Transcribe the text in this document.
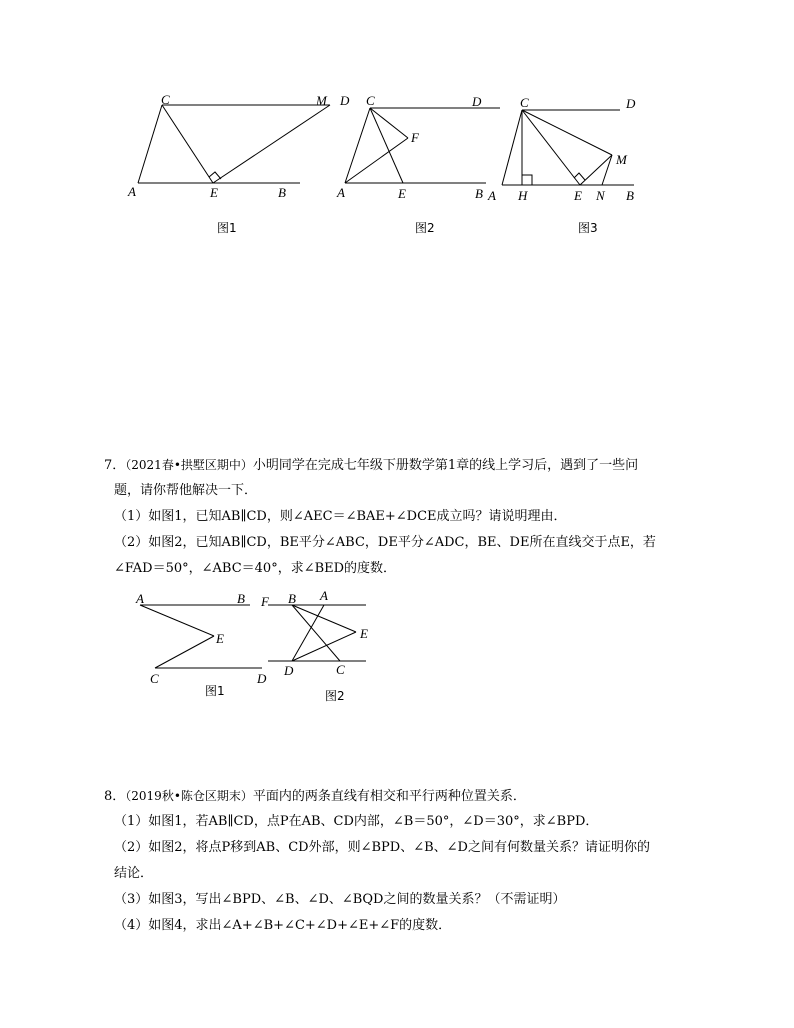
C	M
A	E	B
图1
D C	D
F
A	E	B
图2
C	D
M
A H	E N B
图3
7．（2021春•拱墅区期中）小明同学在完成七年级下册数学第1章的线上学习后，遇到了一些问
题，请你帮他解决一下．
（1）如图1，已知AB∥CD，则∠AEC＝∠BAE+∠DCE成立吗？请说明理由．
（2）如图2，已知AB∥CD，BE平分∠ABC，DE平分∠ADC，BE、DE所在直线交于点E，若
∠FAD＝50°，∠ABC＝40°，求∠BED的度数．
A	B
E
C	D
图1
F B A
E
D	C
图2
8．（2019秋•陈仓区期末）平面内的两条直线有相交和平行两种位置关系．
（1）如图1，若AB∥CD，点P在AB、CD内部，∠B＝50°，∠D＝30°，求∠BPD．
（2）如图2，将点P移到AB、CD外部，则∠BPD、∠B、∠D之间有何数量关系？请证明你的
结论．
（3）如图3，写出∠BPD、∠B、∠D、∠BQD之间的数量关系？（不需证明）
（4）如图4，求出∠A+∠B+∠C+∠D+∠E+∠F的度数．
